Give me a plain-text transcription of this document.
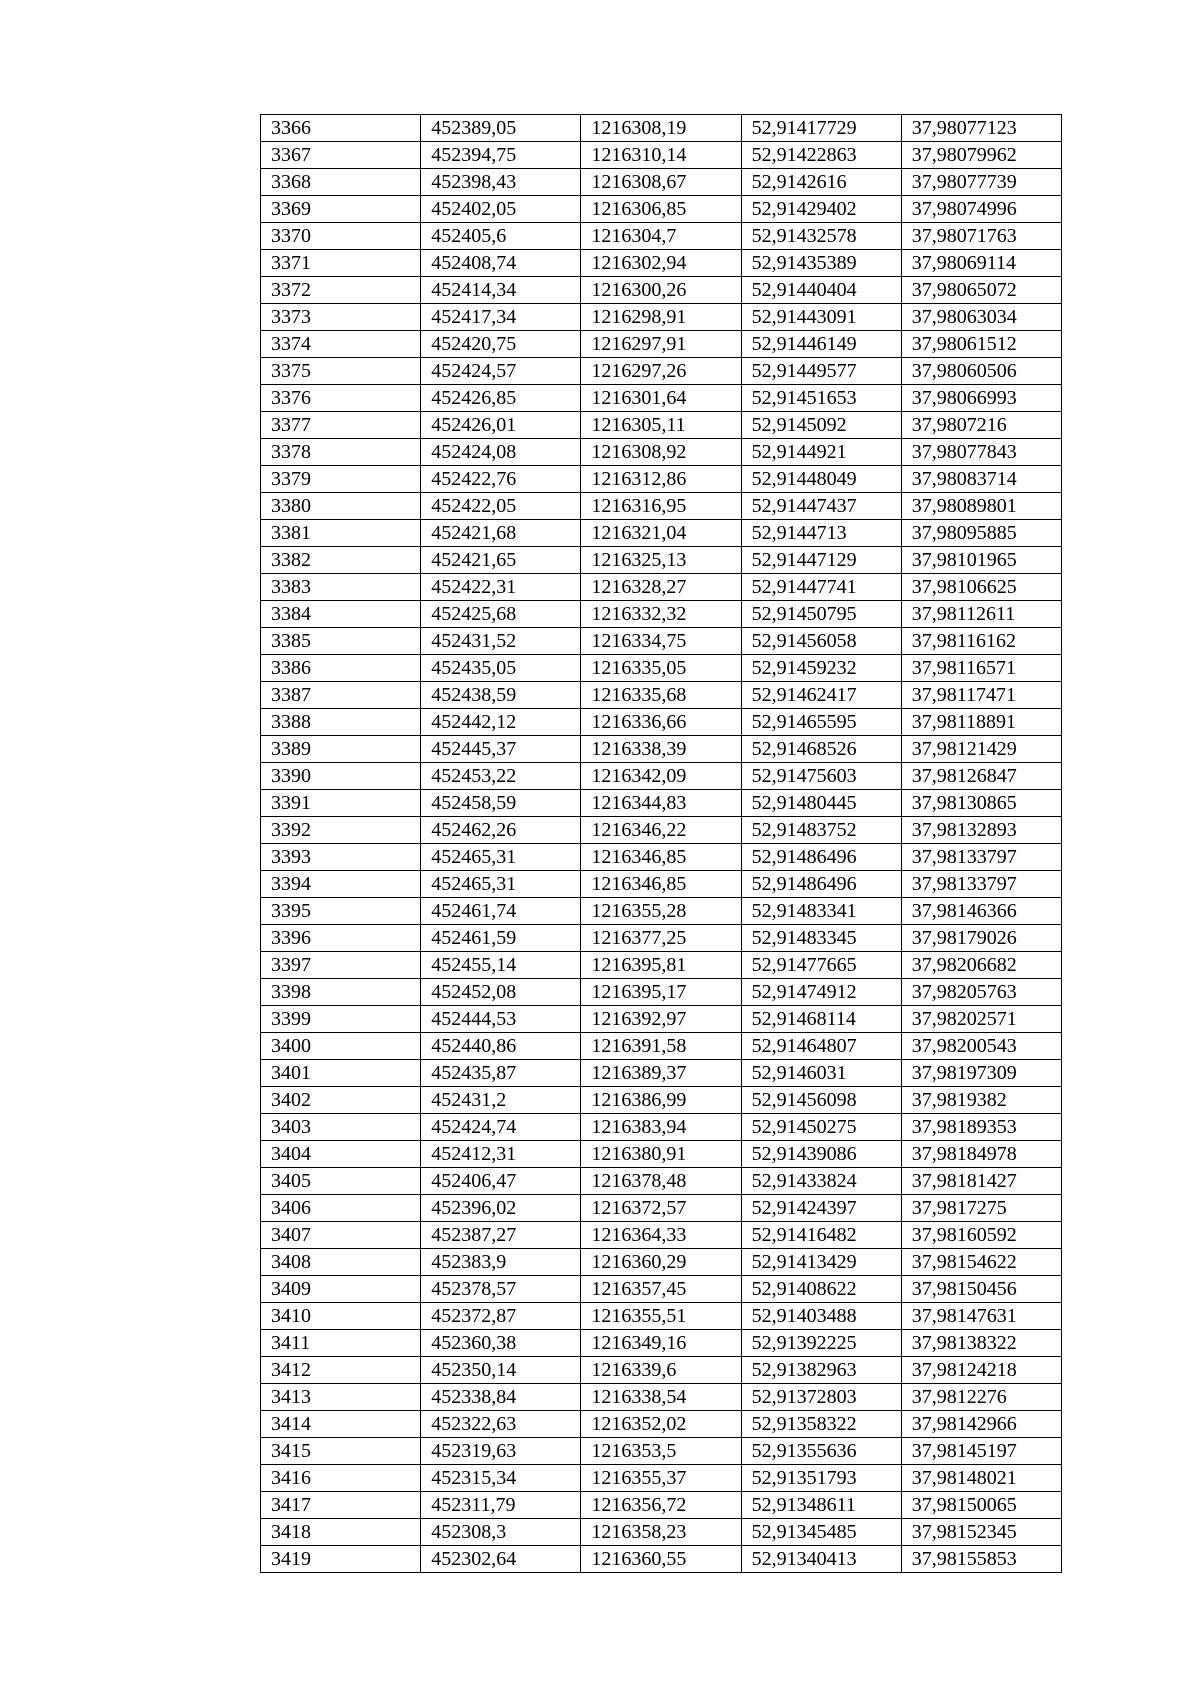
3366	452389,05	1216308,19	52,91417729	37,98077123
3367	452394,75	1216310,14	52,91422863	37,98079962
3368	452398,43	1216308,67	52,9142616	37,98077739
3369	452402,05	1216306,85	52,91429402	37,98074996
3370	452405,6	1216304,7	52,91432578	37,98071763
3371	452408,74	1216302,94	52,91435389	37,98069114
3372	452414,34	1216300,26	52,91440404	37,98065072
3373	452417,34	1216298,91	52,91443091	37,98063034
3374	452420,75	1216297,91	52,91446149	37,98061512
3375	452424,57	1216297,26	52,91449577	37,98060506
3376	452426,85	1216301,64	52,91451653	37,98066993
3377	452426,01	1216305,11	52,9145092	37,9807216
3378	452424,08	1216308,92	52,9144921	37,98077843
3379	452422,76	1216312,86	52,91448049	37,98083714
3380	452422,05	1216316,95	52,91447437	37,98089801
3381	452421,68	1216321,04	52,9144713	37,98095885
3382	452421,65	1216325,13	52,91447129	37,98101965
3383	452422,31	1216328,27	52,91447741	37,98106625
3384	452425,68	1216332,32	52,91450795	37,98112611
3385	452431,52	1216334,75	52,91456058	37,98116162
3386	452435,05	1216335,05	52,91459232	37,98116571
3387	452438,59	1216335,68	52,91462417	37,98117471
3388	452442,12	1216336,66	52,91465595	37,98118891
3389	452445,37	1216338,39	52,91468526	37,98121429
3390	452453,22	1216342,09	52,91475603	37,98126847
3391	452458,59	1216344,83	52,91480445	37,98130865
3392	452462,26	1216346,22	52,91483752	37,98132893
3393	452465,31	1216346,85	52,91486496	37,98133797
3394	452465,31	1216346,85	52,91486496	37,98133797
3395	452461,74	1216355,28	52,91483341	37,98146366
3396	452461,59	1216377,25	52,91483345	37,98179026
3397	452455,14	1216395,81	52,91477665	37,98206682
3398	452452,08	1216395,17	52,91474912	37,98205763
3399	452444,53	1216392,97	52,91468114	37,98202571
3400	452440,86	1216391,58	52,91464807	37,98200543
3401	452435,87	1216389,37	52,9146031	37,98197309
3402	452431,2	1216386,99	52,91456098	37,9819382
3403	452424,74	1216383,94	52,91450275	37,98189353
3404	452412,31	1216380,91	52,91439086	37,98184978
3405	452406,47	1216378,48	52,91433824	37,98181427
3406	452396,02	1216372,57	52,91424397	37,9817275
3407	452387,27	1216364,33	52,91416482	37,98160592
3408	452383,9	1216360,29	52,91413429	37,98154622
3409	452378,57	1216357,45	52,91408622	37,98150456
3410	452372,87	1216355,51	52,91403488	37,98147631
3411	452360,38	1216349,16	52,91392225	37,98138322
3412	452350,14	1216339,6	52,91382963	37,98124218
3413	452338,84	1216338,54	52,91372803	37,9812276
3414	452322,63	1216352,02	52,91358322	37,98142966
3415	452319,63	1216353,5	52,91355636	37,98145197
3416	452315,34	1216355,37	52,91351793	37,98148021
3417	452311,79	1216356,72	52,91348611	37,98150065
3418	452308,3	1216358,23	52,91345485	37,98152345
3419	452302,64	1216360,55	52,91340413	37,98155853
